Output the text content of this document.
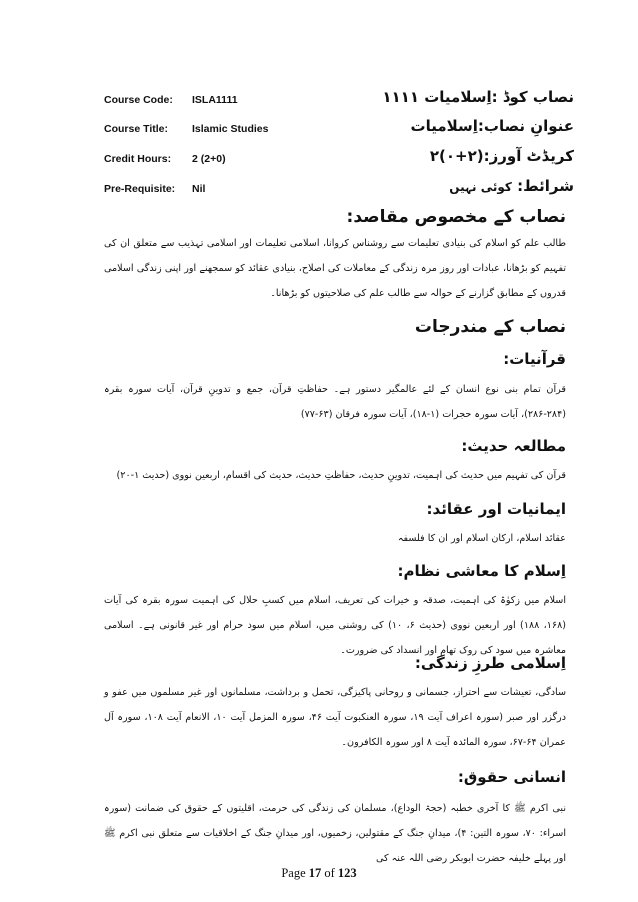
Course Code: ISLA1111	نصاب کوڈ :اِسلامیات ۱۱۱۱
Course Title: Islamic Studies	عنوانِ نصاب:اِسلامیات
Credit Hours: 2 (2+0)	کریڈٹ آورز:(۲+۰)۲
Pre-Requisite: Nil	شرائط: کوئی نہیں
نصاب کے مخصوص مقاصد:
طالب علم کو اسلام کی بنیادی تعلیمات سے روشناس کروانا، اسلامی تعلیمات اور اسلامی تہذیب سے متعلق ان کی تفہیم کو بڑھانا، عبادات اور روز مرہ زندگی کے معاملات کی اصلاح، بنیادی عقائد کو سمجھنے اور اپنی زندگی اسلامی قدروں کے مطابق گزارنے کے حوالہ سے طالب علم کی صلاحیتوں کو بڑھانا۔
نصاب کے مندرجات
قرآنیات:
قرآن تمام بنی نوع انسان کے لئے عالمگیر دستور ہے۔ حفاظتِ قرآن، جمع و تدوینِ قرآن، آیات سورہ بقرہ (۲۸۴-۲۸۶)، آیات سورہ حجرات (۱-۱۸)، آیات سورہ فرقان (۶۳-۷۷)
مطالعہ حدیث:
قرآن کی تفہیم میں حدیث کی اہمیت، تدوینِ حدیث، حفاظتِ حدیث، حدیث کی اقسام، اربعین نووی (حدیث ۱-۲۰)
ایمانیات اور عقائد:
عقائد اسلام، ارکان اسلام اور ان کا فلسفہ
اِسلام کا معاشی نظام:
اسلام میں زکوٰۃ کی اہمیت، صدقہ و خیرات کی تعریف، اسلام میں کسبِ حلال کی اہمیت سورہ بقرہ کی آیات (۱۶۸، ۱۸۸) اور اربعین نووی (حدیث ۶، ۱۰) کی روشنی میں، اسلام میں سود حرام اور غیر قانونی ہے۔ اسلامی معاشرہ میں سود کی روک تھام اور انسداد کی ضرورت۔
اِسلامی طرزِ زندگی:
سادگی، تعیشات سے احتراز، جسمانی و روحانی پاکیزگی، تحمل و برداشت، مسلمانوں اور غیر مسلموں میں عفو و درگزر اور صبر (سورہ اعراف آیت ۱۹، سورہ العنکبوت آیت ۴۶، سورہ المزمل آیت ۱۰، الانعام آیت ۱۰۸، سورہ آل عمران ۶۴-۶۷، سورہ المائدہ آیت ۸ اور سورہ الکافرون۔
انسانی حقوق:
نبی اکرم ﷺ کا آخری خطبہ (حجۃ الوداع)، مسلمان کی زندگی کی حرمت، اقلیتوں کے حقوق کی ضمانت (سورہ اسراء: ۷۰، سورہ التین: ۴)، میدانِ جنگ کے مقتولین، زخمیوں، اور میدانِ جنگ کے اخلاقیات سے متعلق نبی اکرم ﷺ اور پہلے خلیفہ حضرت ابوبکر رضی اللہ عنہ کی
Page 17 of 123
